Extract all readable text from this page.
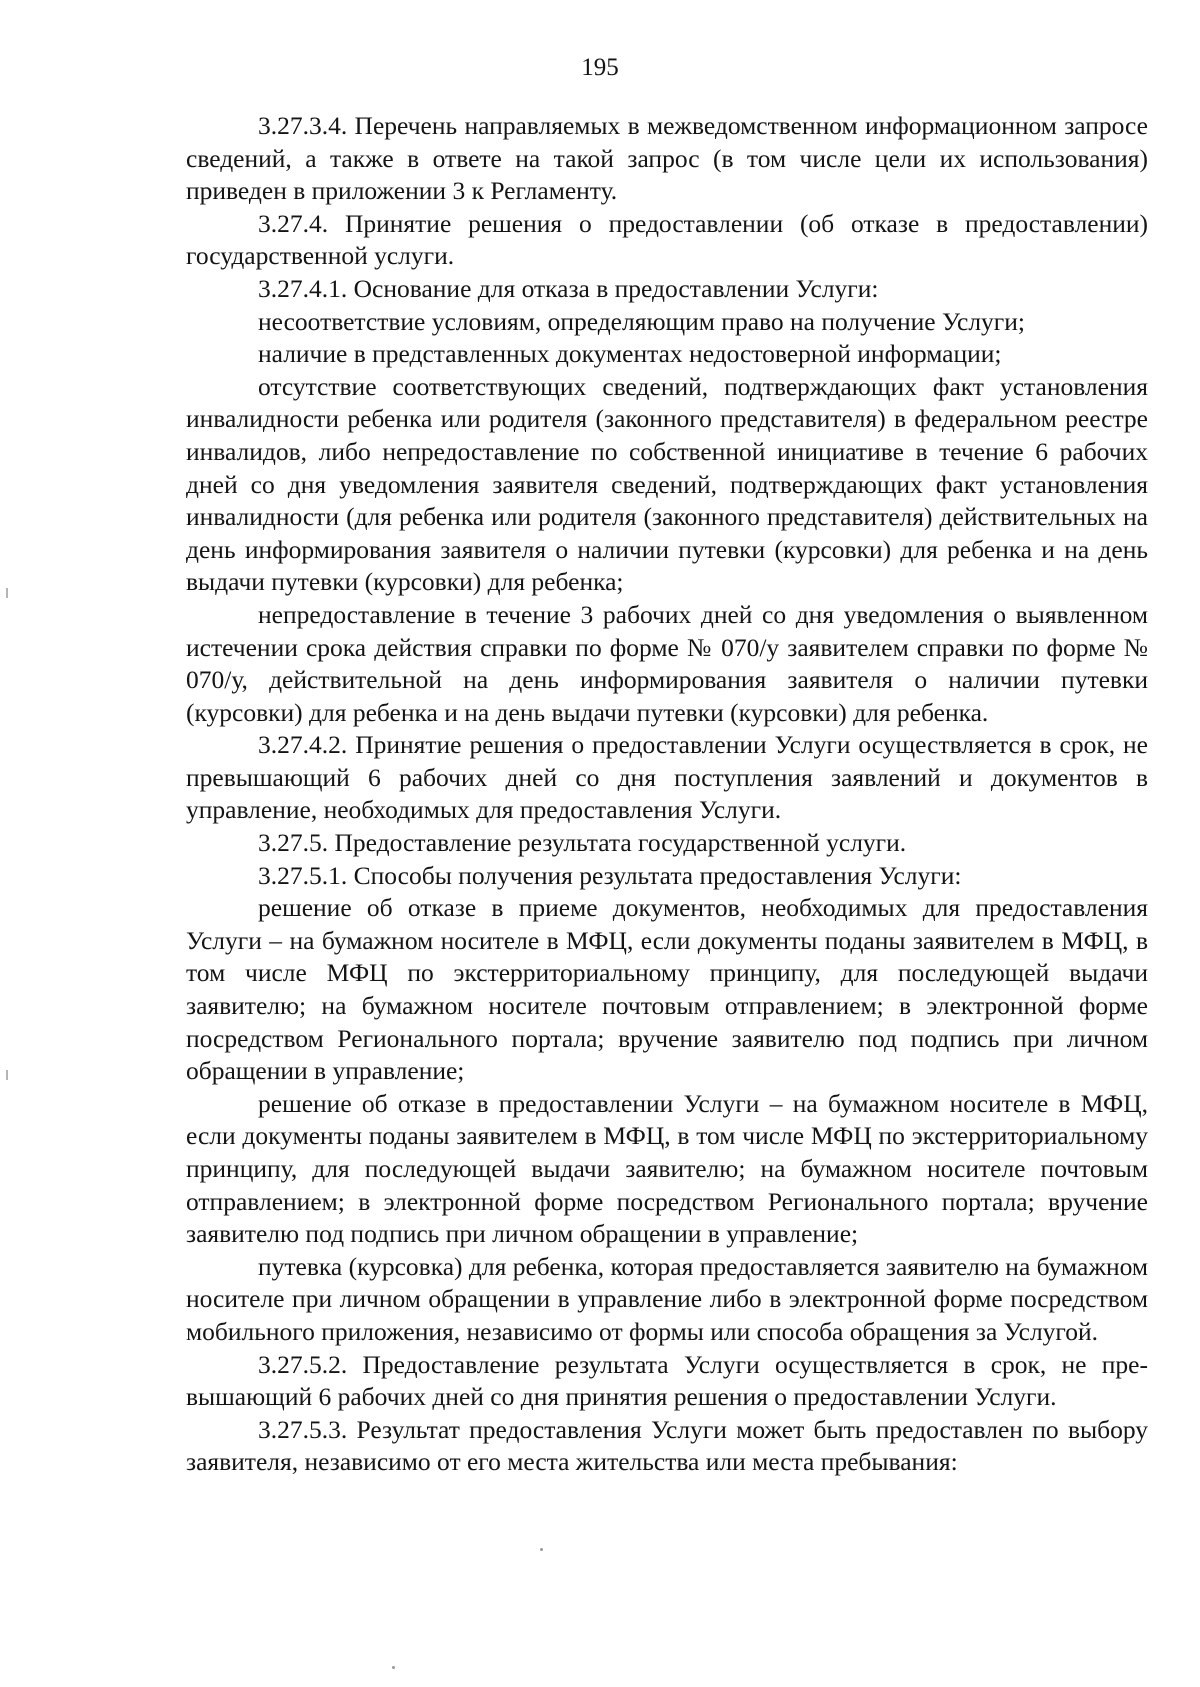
195

3.27.3.4. Перечень направляемых в межведомственном информационном запросе сведений, а также в ответе на такой запрос (в том числе цели их использования) приведен в приложении 3 к Регламенту.

3.27.4. Принятие решения о предоставлении (об отказе в предоставлении) государственной услуги.

3.27.4.1. Основание для отказа в предоставлении Услуги:

несоответствие условиям, определяющим право на получение Услуги;

наличие в представленных документах недостоверной информации;

отсутствие соответствующих сведений, подтверждающих факт установления инвалидности ребенка или родителя (законного представителя) в федеральном реестре инвалидов, либо непредоставление по собственной инициативе в течение 6 рабочих дней со дня уведомления заявителя сведений, подтверждающих факт установления инвалидности (для ребенка или родителя (законного представителя) действительных на день информирования заявителя о наличии путевки (курсовки) для ребенка и на день выдачи путевки (курсовки) для ребенка;

непредоставление в течение 3 рабочих дней со дня уведомления о выявленном истечении срока действия справки по форме № 070/у заявителем справки по форме № 070/у, действительной на день информирования заявителя о наличии путевки (курсовки) для ребенка и на день выдачи путевки (курсовки) для ребенка.

3.27.4.2. Принятие решения о предоставлении Услуги осуществляется в срок, не превышающий 6 рабочих дней со дня поступления заявлений и документов в управление, необходимых для предоставления Услуги.

3.27.5. Предоставление результата государственной услуги.

3.27.5.1. Способы получения результата предоставления Услуги:

решение об отказе в приеме документов, необходимых для предоставления Услуги – на бумажном носителе в МФЦ, если документы поданы заявителем в МФЦ, в том числе МФЦ по экстерриториальному принципу, для последующей выдачи заявителю; на бумажном носителе почтовым отправлением; в электронной форме посредством Регионального портала; вручение заявителю под подпись при личном обращении в управление;

решение об отказе в предоставлении Услуги – на бумажном носителе в МФЦ, если документы поданы заявителем в МФЦ, в том числе МФЦ по экстерриториальному принципу, для последующей выдачи заявителю; на бумажном носителе почтовым отправлением; в электронной форме посредством Регионального портала; вручение заявителю под подпись при личном обращении в управление;

путевка (курсовка) для ребенка, которая предоставляется заявителю на бумажном носителе при личном обращении в управление либо в электронной форме посредством мобильного приложения, независимо от формы или способа обращения за Услугой.

3.27.5.2. Предоставление результата Услуги осуществляется в срок, не превышающий 6 рабочих дней со дня принятия решения о предоставлении Услуги.

3.27.5.3. Результат предоставления Услуги может быть предоставлен по выбору заявителя, независимо от его места жительства или места пребывания:
